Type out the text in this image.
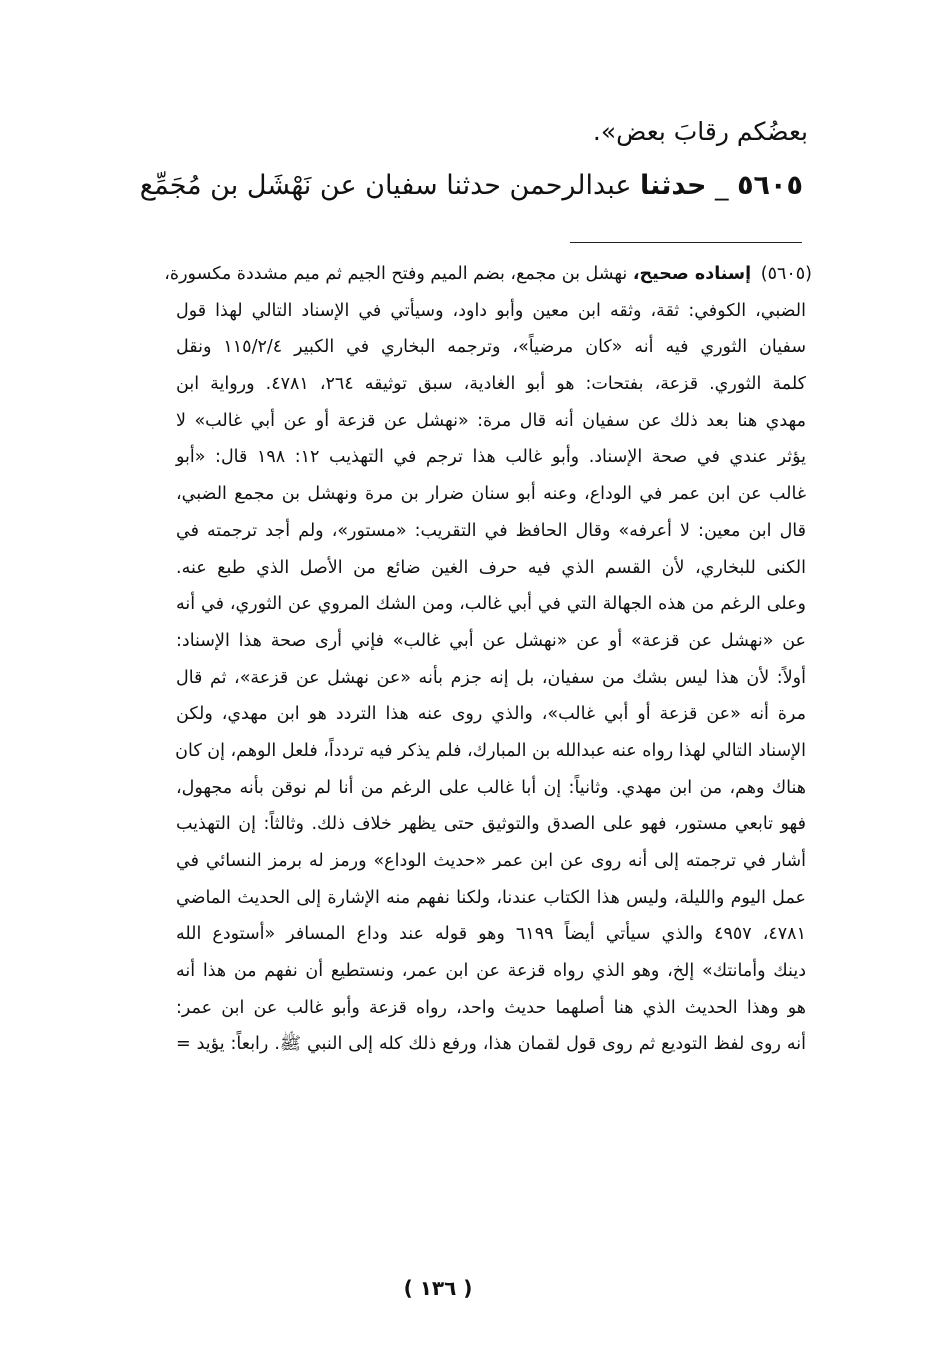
بعضُكم رقابَ بعض».
٥٦٠٥ _ حدثنا عبدالرحمن حدثنا سفيان عن نَهْشَل بن مُجَمِّع
(٥٦٠٥) إسناده صحيح، نهشل بن مجمع، بضم الميم وفتح الجيم ثم ميم مشددة مكسورة،
الضبي، الكوفي: ثقة، وثقه ابن معين وأبو داود، وسيأتي في الإسناد التالي لهذا قول
سفيان الثوري فيه أنه «كان مرضياً»، وترجمه البخاري في الكبير ١١٥/٢/٤ ونقل
كلمة الثوري. قزعة، بفتحات: هو أبو الغادية، سبق توثيقه ٢٦٤، ٤٧٨١. ورواية ابن
مهدي هنا بعد ذلك عن سفيان أنه قال مرة: «نهشل عن قزعة أو عن أبي غالب» لا
يؤثر عندي في صحة الإسناد. وأبو غالب هذا ترجم في التهذيب ١٢: ١٩٨ قال: «أبو
غالب عن ابن عمر في الوداع، وعنه أبو سنان ضرار بن مرة ونهشل بن مجمع الضبي،
قال ابن معين: لا أعرفه» وقال الحافظ في التقريب: «مستور»، ولم أجد ترجمته في
الكنى للبخاري، لأن القسم الذي فيه حرف الغين ضائع من الأصل الذي طبع عنه.
وعلى الرغم من هذه الجهالة التي في أبي غالب، ومن الشك المروي عن الثوري، في أنه
عن «نهشل عن قزعة» أو عن «نهشل عن أبي غالب» فإني أرى صحة هذا الإسناد:
أولاً: لأن هذا ليس بشك من سفيان، بل إنه جزم بأنه «عن نهشل عن قزعة»، ثم قال
مرة أنه «عن قزعة أو أبي غالب»، والذي روى عنه هذا التردد هو ابن مهدي، ولكن
الإسناد التالي لهذا رواه عنه عبدالله بن المبارك، فلم يذكر فيه تردداً، فلعل الوهم، إن كان
هناك وهم، من ابن مهدي. وثانياً: إن أبا غالب على الرغم من أنا لم نوقن بأنه مجهول،
فهو تابعي مستور، فهو على الصدق والتوثيق حتى يظهر خلاف ذلك. وثالثاً: إن التهذيب
أشار في ترجمته إلى أنه روى عن ابن عمر «حديث الوداع» ورمز له برمز النسائي في
عمل اليوم والليلة، وليس هذا الكتاب عندنا، ولكنا نفهم منه الإشارة إلى الحديث الماضي
٤٧٨١، ٤٩٥٧ والذي سيأتي أيضاً ٦١٩٩ وهو قوله عند وداع المسافر «أستودع الله
دينك وأمانتك» إلخ، وهو الذي رواه قزعة عن ابن عمر، ونستطيع أن نفهم من هذا أنه
هو وهذا الحديث الذي هنا أصلهما حديث واحد، رواه قزعة وأبو غالب عن ابن عمر:
أنه روى لفظ التوديع ثم روى قول لقمان هذا، ورفع ذلك كله إلى النبي ﷺ. رابعاً: يؤيد =
( ١٣٦ )
